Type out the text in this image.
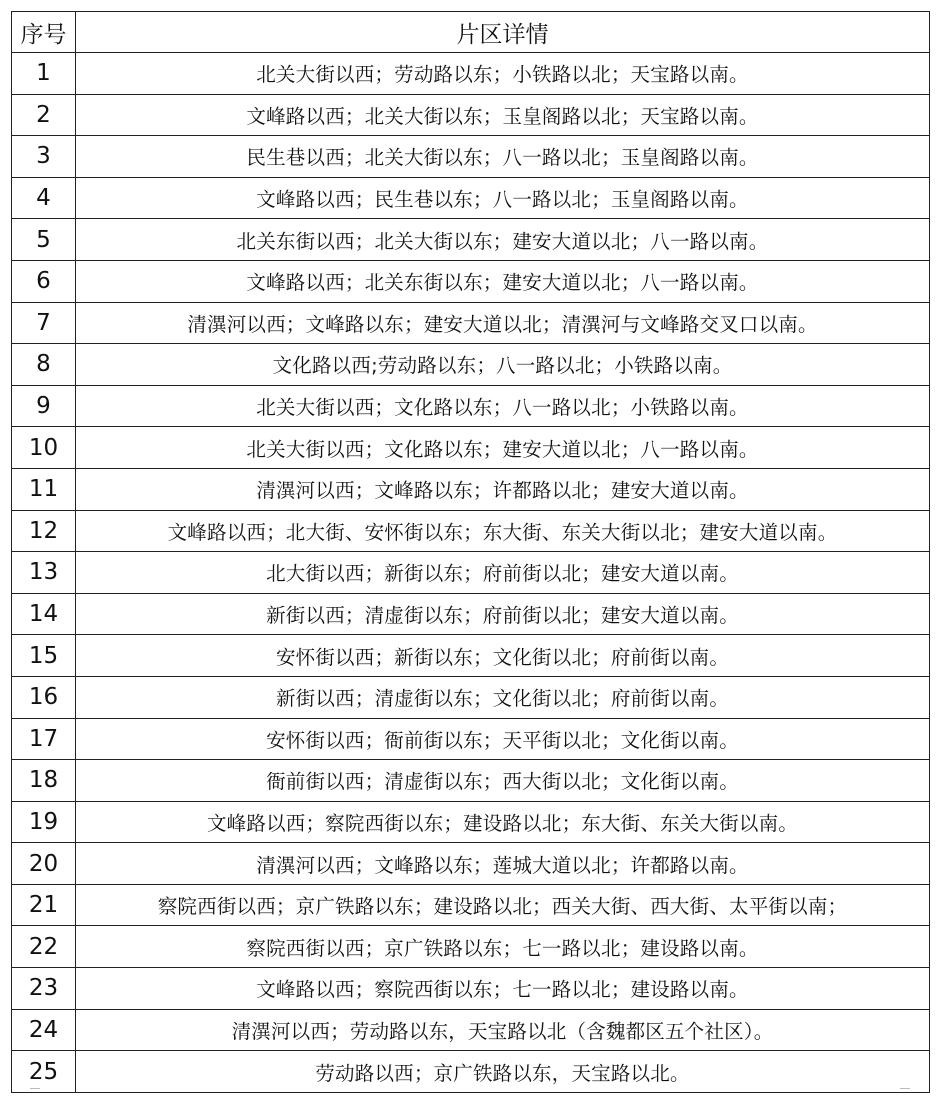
序号	片区详情
1	北关大街以西；劳动路以东；小铁路以北；天宝路以南。
2	文峰路以西；北关大街以东；玉皇阁路以北；天宝路以南。
3	民生巷以西；北关大街以东；八一路以北；玉皇阁路以南。
4	文峰路以西；民生巷以东；八一路以北；玉皇阁路以南。
5	北关东街以西；北关大街以东；建安大道以北；八一路以南。
6	文峰路以西；北关东街以东；建安大道以北；八一路以南。
7	清潩河以西；文峰路以东；建安大道以北；清潩河与文峰路交叉口以南。
8	文化路以西;劳动路以东；八一路以北；小铁路以南。
9	北关大街以西；文化路以东；八一路以北；小铁路以南。
10	北关大街以西；文化路以东；建安大道以北；八一路以南。
11	清潩河以西；文峰路以东；许都路以北；建安大道以南。
12	文峰路以西；北大街、安怀街以东；东大街、东关大街以北；建安大道以南。
13	北大街以西；新街以东；府前街以北；建安大道以南。
14	新街以西；清虚街以东；府前街以北；建安大道以南。
15	安怀街以西；新街以东；文化街以北；府前街以南。
16	新街以西；清虚街以东；文化街以北；府前街以南。
17	安怀街以西；衙前街以东；天平街以北；文化街以南。
18	衙前街以西；清虚街以东；西大街以北；文化街以南。
19	文峰路以西；察院西街以东；建设路以北；东大街、东关大街以南。
20	清潩河以西；文峰路以东；莲城大道以北；许都路以南。
21	察院西街以西；京广铁路以东；建设路以北；西关大街、西大街、太平街以南；
22	察院西街以西；京广铁路以东；七一路以北；建设路以南。
23	文峰路以西；察院西街以东；七一路以北；建设路以南。
24	清潩河以西；劳动路以东，天宝路以北（含魏都区五个社区）。
25	劳动路以西；京广铁路以东，天宝路以北。
